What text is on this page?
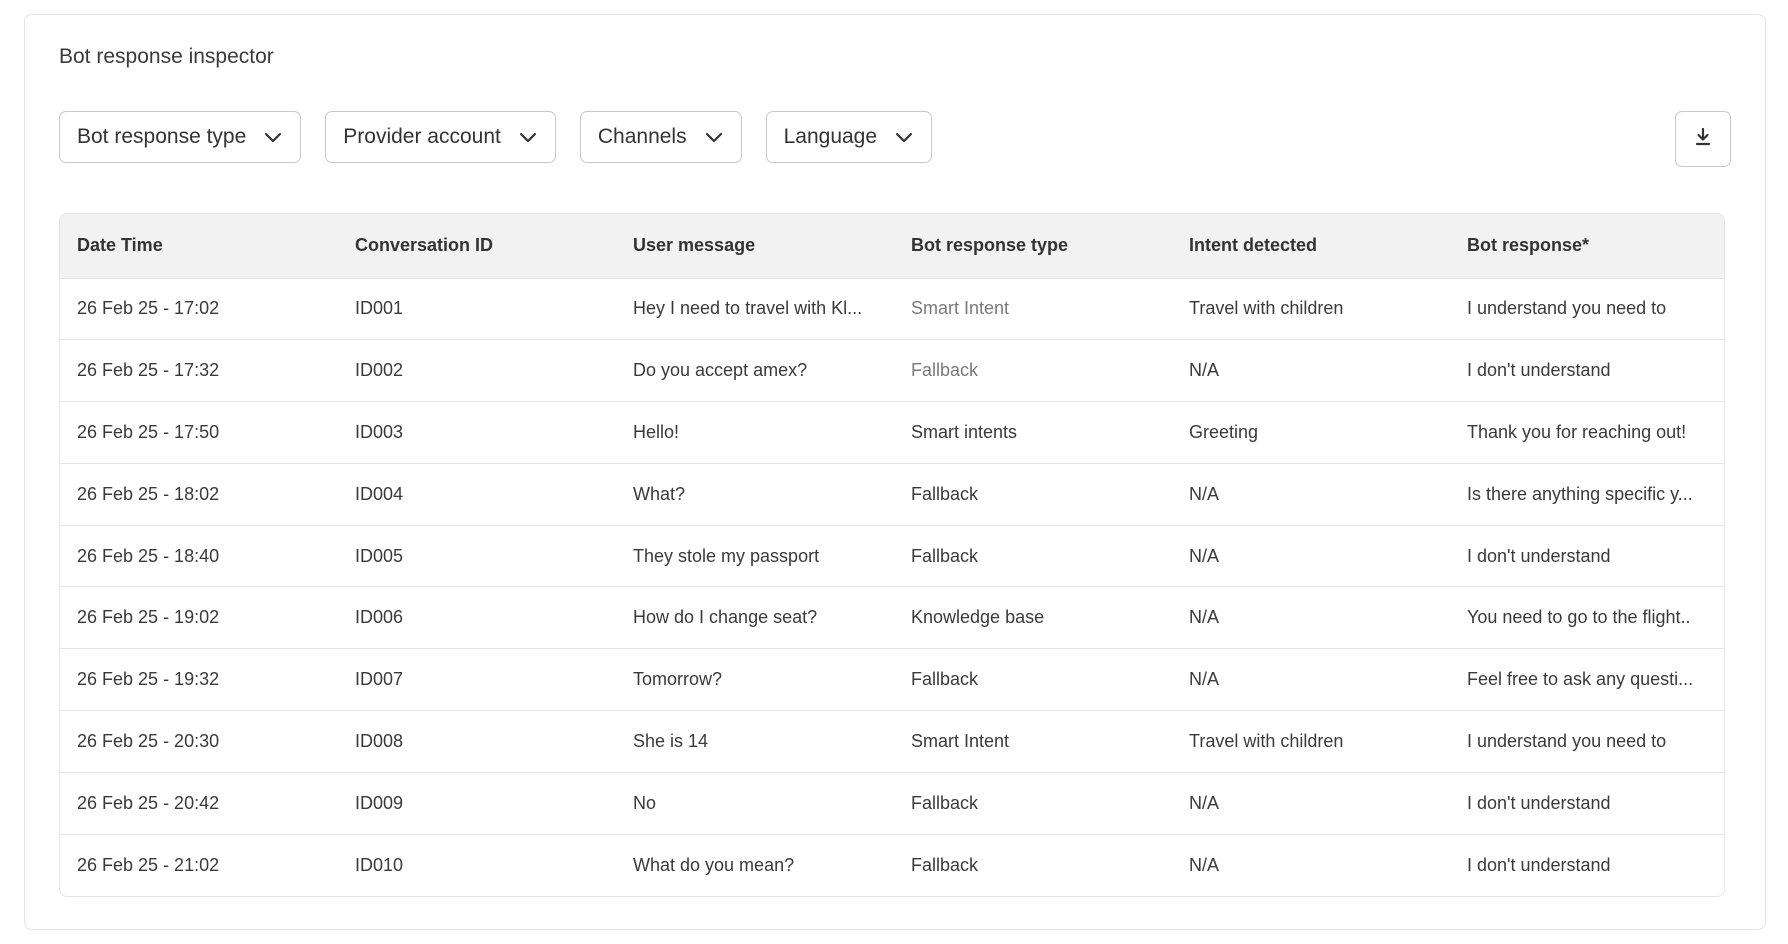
Bot response inspector
Bot response type	Provider account	Channels	Language
Date Time	Conversation ID	User message	Bot response type	Intent detected	Bot response*
26 Feb 25 - 17:02	ID001	Hey I need to travel with Kl...	Smart Intent	Travel with children	I understand you need to
26 Feb 25 - 17:32	ID002	Do you accept amex?	Fallback	N/A	I don't understand
26 Feb 25 - 17:50	ID003	Hello!	Smart intents	Greeting	Thank you for reaching out!
26 Feb 25 - 18:02	ID004	What?	Fallback	N/A	Is there anything specific y...
26 Feb 25 - 18:40	ID005	They stole my passport	Fallback	N/A	I don't understand
26 Feb 25 - 19:02	ID006	How do I change seat?	Knowledge base	N/A	You need to go to the flight..
26 Feb 25 - 19:32	ID007	Tomorrow?	Fallback	N/A	Feel free to ask any questi...
26 Feb 25 - 20:30	ID008	She is 14	Smart Intent	Travel with children	I understand you need to
26 Feb 25 - 20:42	ID009	No	Fallback	N/A	I don't understand
26 Feb 25 - 21:02	ID010	What do you mean?	Fallback	N/A	I don't understand
